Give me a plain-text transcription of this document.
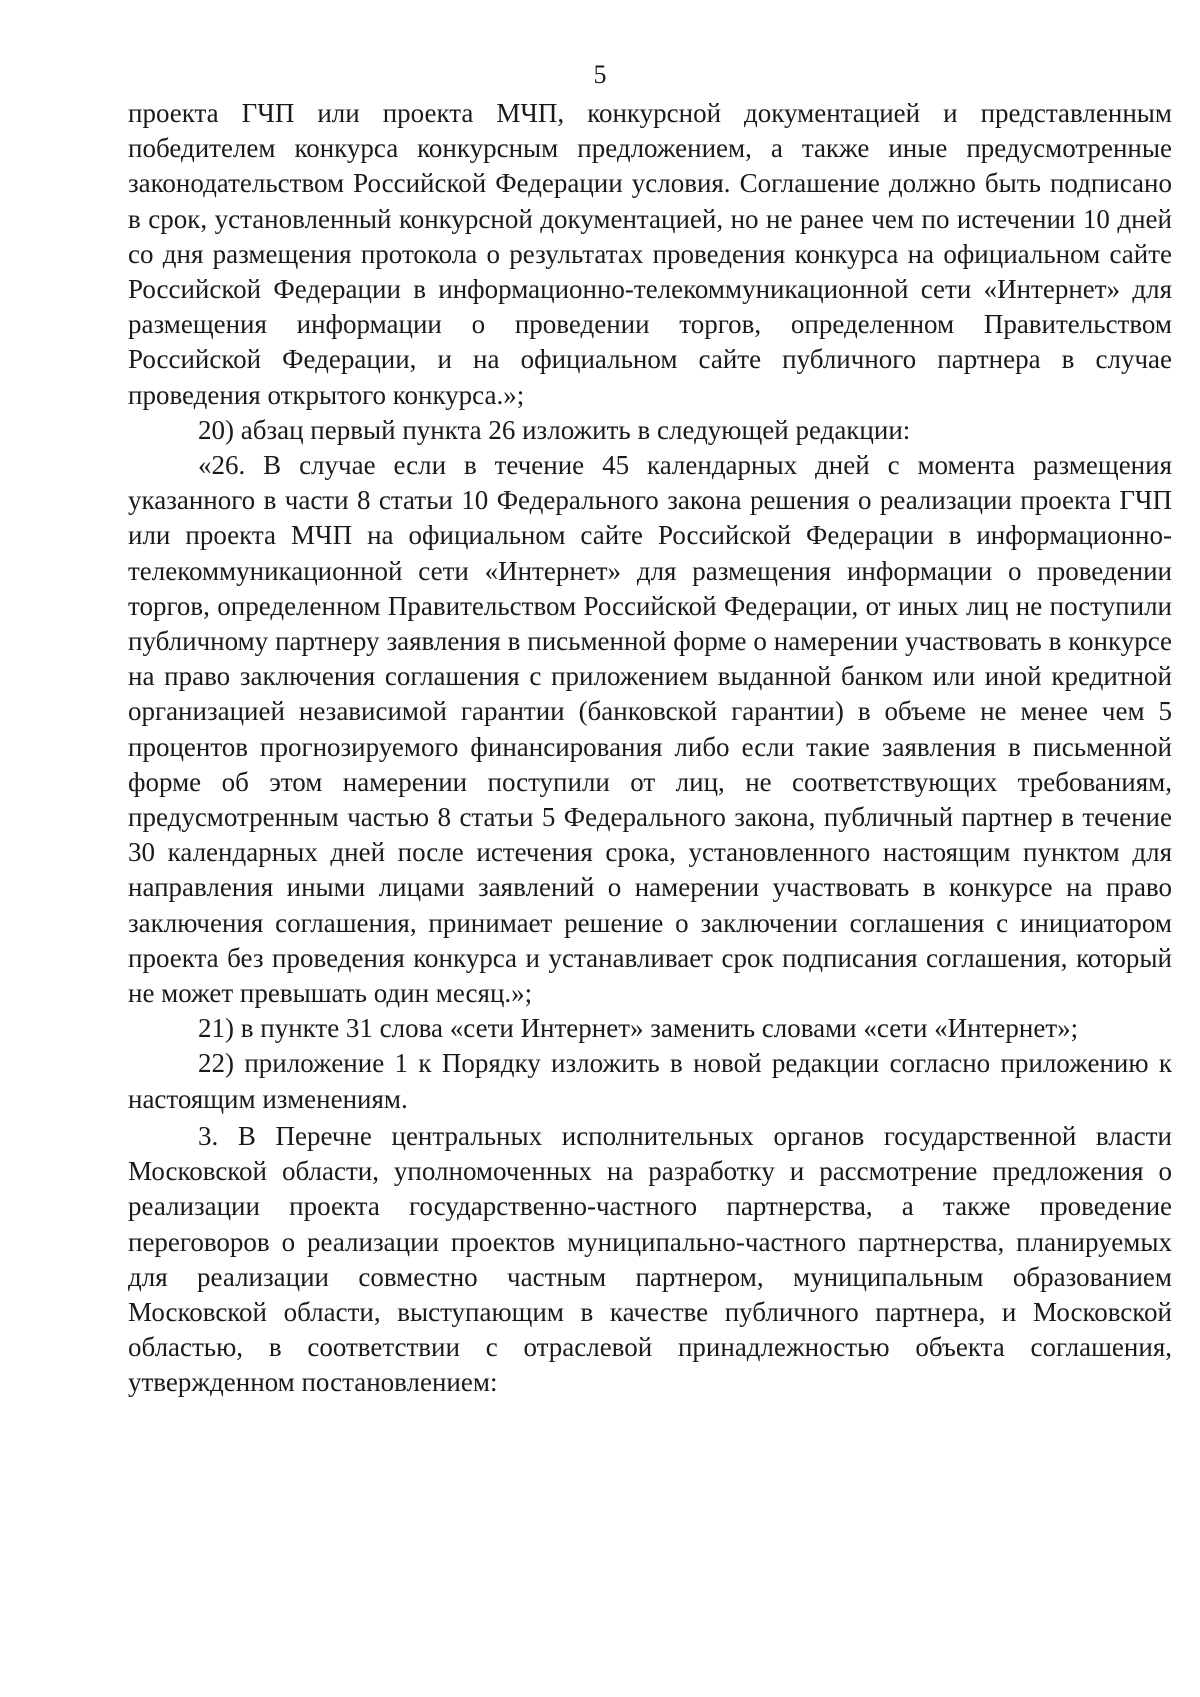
5

проекта ГЧП или проекта МЧП, конкурсной документацией и представленным победителем конкурса конкурсным предложением, а также иные предусмотренные законодательством Российской Федерации условия. Соглашение должно быть подписано в срок, установленный конкурсной документацией, но не ранее чем по истечении 10 дней со дня размещения протокола о результатах проведения конкурса на официальном сайте Российской Федерации в информационно-телекоммуникационной сети «Интернет» для размещения информации о проведении торгов, определенном Правительством Российской Федерации, и на официальном сайте публичного партнера в случае проведения открытого конкурса.»;

20) абзац первый пункта 26 изложить в следующей редакции:

«26. В случае если в течение 45 календарных дней с момента размещения указанного в части 8 статьи 10 Федерального закона решения о реализации проекта ГЧП или проекта МЧП на официальном сайте Российской Федерации в информационно-телекоммуникационной сети «Интернет» для размещения информации о проведении торгов, определенном Правительством Российской Федерации, от иных лиц не поступили публичному партнеру заявления в письменной форме о намерении участвовать в конкурсе на право заключения соглашения с приложением выданной банком или иной кредитной организацией независимой гарантии (банковской гарантии) в объеме не менее чем 5 процентов прогнозируемого финансирования либо если такие заявления в письменной форме об этом намерении поступили от лиц, не соответствующих требованиям, предусмотренным частью 8 статьи 5 Федерального закона, публичный партнер в течение 30 календарных дней после истечения срока, установленного настоящим пунктом для направления иными лицами заявлений о намерении участвовать в конкурсе на право заключения соглашения, принимает решение о заключении соглашения с инициатором проекта без проведения конкурса и устанавливает срок подписания соглашения, который не может превышать один месяц.»;

21) в пункте 31 слова «сети Интернет» заменить словами «сети «Интернет»;

22) приложение 1 к Порядку изложить в новой редакции согласно приложению к настоящим изменениям.

3. В Перечне центральных исполнительных органов государственной власти Московской области, уполномоченных на разработку и рассмотрение предложения о реализации проекта государственно-частного партнерства, а также проведение переговоров о реализации проектов муниципально-частного партнерства, планируемых для реализации совместно частным партнером, муниципальным образованием Московской области, выступающим в качестве публичного партнера, и Московской областью, в соответствии с отраслевой принадлежностью объекта соглашения, утвержденном постановлением:
